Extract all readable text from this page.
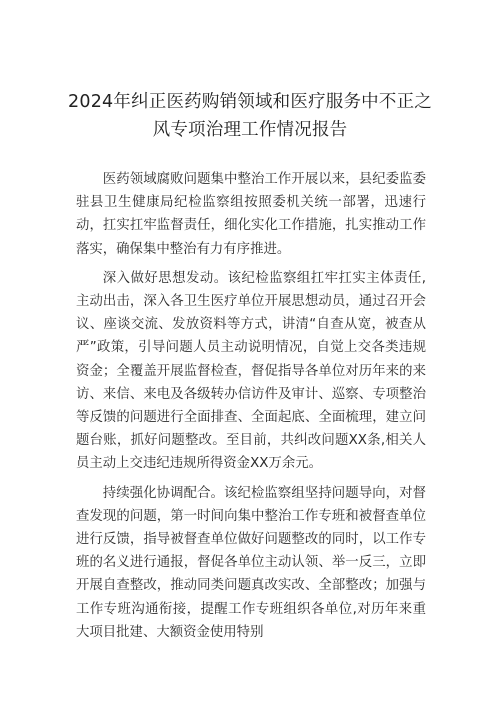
2024年纠正医药购销领域和医疗服务中不正之风专项治理工作情况报告

医药领域腐败问题集中整治工作开展以来，县纪委监委驻县卫生健康局纪检监察组按照委机关统一部署，迅速行动，扛实扛牢监督责任，细化实化工作措施，扎实推动工作落实，确保集中整治有力有序推进。

深入做好思想发动。该纪检监察组扛牢扛实主体责任,主动出击，深入各卫生医疗单位开展思想动员，通过召开会议、座谈交流、发放资料等方式，讲清“自查从宽，被查从严”政策，引导问题人员主动说明情况，自觉上交各类违规资金；全覆盖开展监督检查，督促指导各单位对历年来的来访、来信、来电及各级转办信访件及审计、巡察、专项整治等反馈的问题进行全面排查、全面起底、全面梳理，建立问题台账，抓好问题整改。至目前，共纠改问题XX条,相关人员主动上交违纪违规所得资金XX万余元。

持续强化协调配合。该纪检监察组坚持问题导向，对督查发现的问题，第一时间向集中整治工作专班和被督查单位进行反馈，指导被督查单位做好问题整改的同时，以工作专班的名义进行通报，督促各单位主动认领、举一反三，立即开展自查整改，推动同类问题真改实改、全部整改；加强与工作专班沟通衔接，提醒工作专班组织各单位,对历年来重大项目批建、大额资金使用特别
